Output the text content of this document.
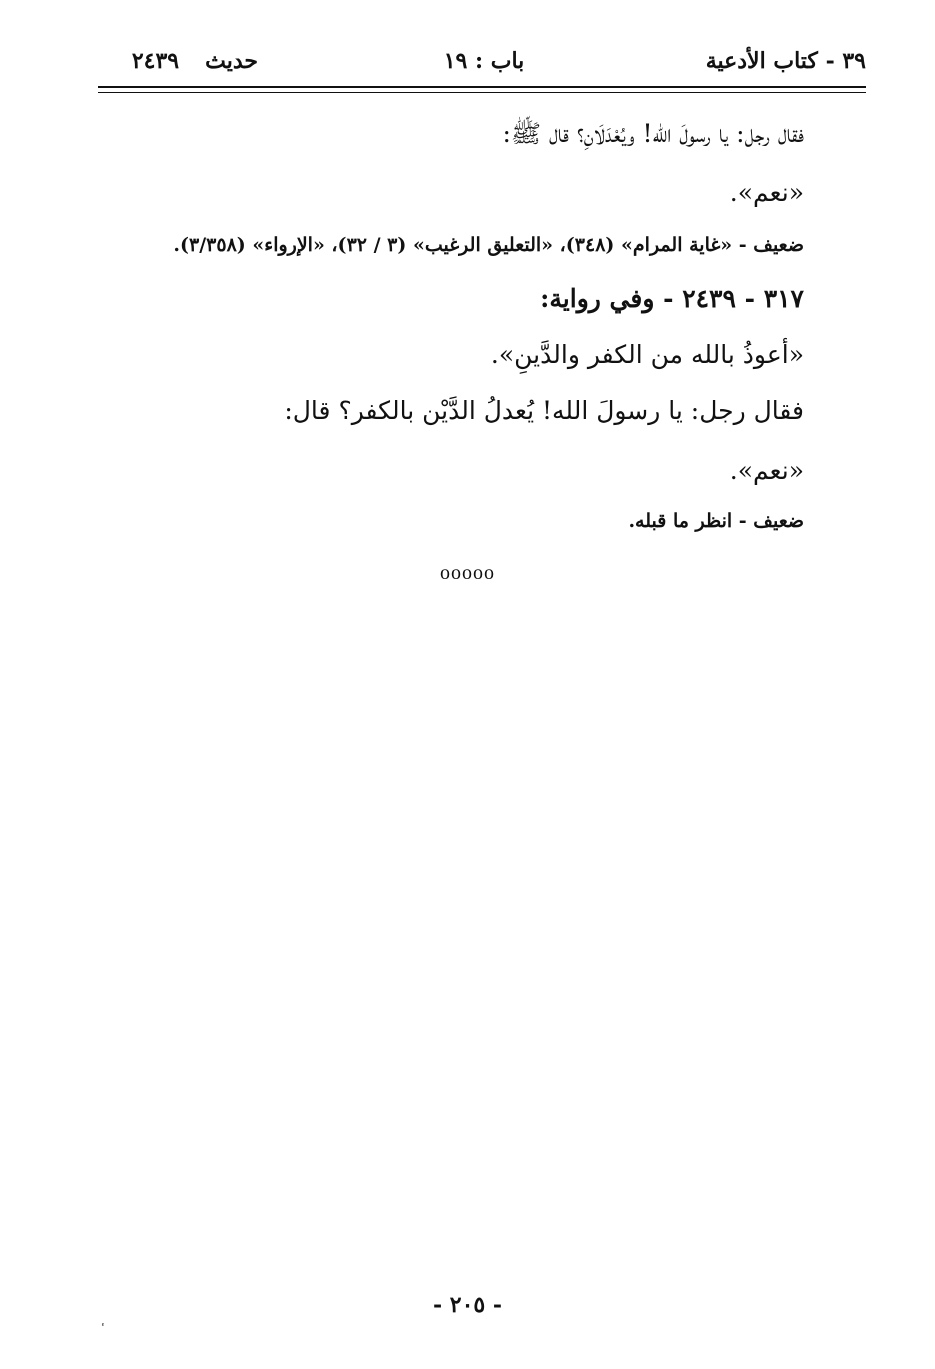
٣٩ - كتاب الأدعية
باب : ١٩
حديث٢٤٣٩
فقال رجل: يا رسولَ الله! ويُعْدَلَانِ؟ قال ﷺ:
«نعم».
ضعيف - «غاية المرام» (٣٤٨)، «التعليق الرغيب» (٣ / ٣٢)، «الإرواء» (٣/٣٥٨).
٣١٧ - ٢٤٣٩ - وفي رواية:
«أعوذُ بالله من الكفر والدَّينِ».
فقال رجل: يا رسولَ الله! يُعدلُ الدَّيْن بالكفر؟ قال:
«نعم».
ضعيف - انظر ما قبله.
ooooo
- ٢٠٥ -
